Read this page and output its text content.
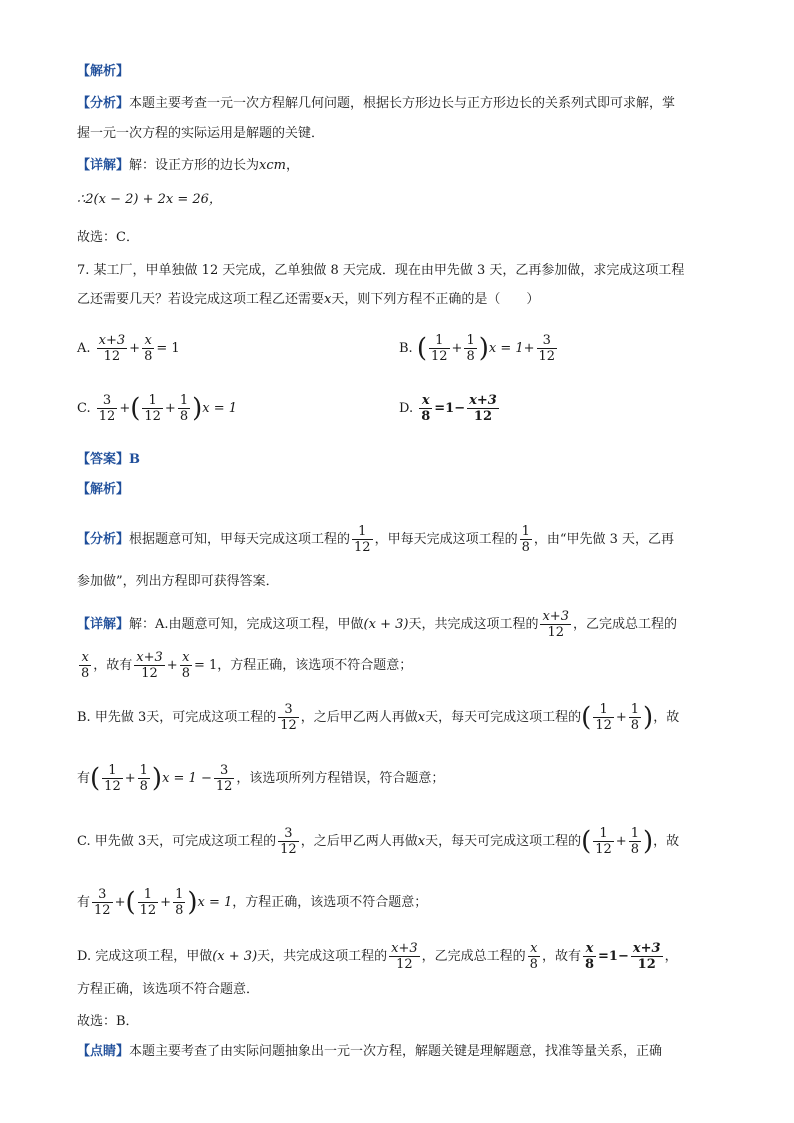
【解析】
【分析】本题主要考查一元一次方程解几何问题，根据长方形边长与正方形边长的关系列式即可求解，掌
握一元一次方程的实际运用是解题的关键．
【详解】解：设正方形的边长为xcm，
∴2(x − 2) + 2x = 26，
故选：C．
7. 某工厂，甲单独做 12 天完成，乙单独做 8 天完成．现在由甲先做 3 天，乙再参加做，求完成这项工程
乙还需要几天？若设完成这项工程乙还需要x天，则下列方程不正确的是（　　）
A. $\frac{x+3}{12} + \frac{x}{8} = 1$	B. ( $\frac{1}{12} + \frac{1}{8} )x = 1+ \frac{3}{12}$
C. $\frac{3}{12}$ +( $\frac{1}{12} + \frac{1}{8} )x = 1$	D. $\frac{x}{8} =1- \frac{x+3}{12}$
【答案】B
【解析】
【分析】根据题意可知，甲每天完成这项工程的 $\frac{1}{12}$ ，甲每天完成这项工程的 $\frac{1}{8}$ ，由“甲先做 3 天，乙再
参加做”，列出方程即可获得答案．
【详解】解：A.由题意可知，完成这项工程，甲做(x + 3)天，共完成这项工程的 $\frac{x+3}{12}$ ，乙完成总工程的
$\frac{x}{8}$ ，故有 $\frac{x+3}{12} + \frac{x}{8} = 1$，方程正确，该选项不符合题意；
B. 甲先做 3天，可完成这项工程的 $\frac{3}{12}$ ，之后甲乙两人再做x天，每天可完成这项工程的( $\frac{1}{12} + \frac{1}{8}$ )，故
有( $\frac{1}{12} + \frac{1}{8} )x = 1 - \frac{3}{12}$ ，该选项所列方程错误，符合题意；
C. 甲先做 3天，可完成这项工程的 $\frac{3}{12}$ ，之后甲乙两人再做x天，每天可完成这项工程的( $\frac{1}{12} + \frac{1}{8}$ )，故
有 $\frac{3}{12}$ +( $\frac{1}{12} + \frac{1}{8} )x = 1$，方程正确，该选项不符合题意；
D. 完成这项工程，甲做(x + 3)天，共完成这项工程的 $\frac{x+3}{12}$ ，乙完成总工程的 $\frac{x}{8}$ ，故有 $\frac{x}{8} =1- \frac{x+3}{12}$ ，
方程正确，该选项不符合题意．
故选：B．
【点睛】本题主要考查了由实际问题抽象出一元一次方程，解题关键是理解题意，找准等量关系，正确
